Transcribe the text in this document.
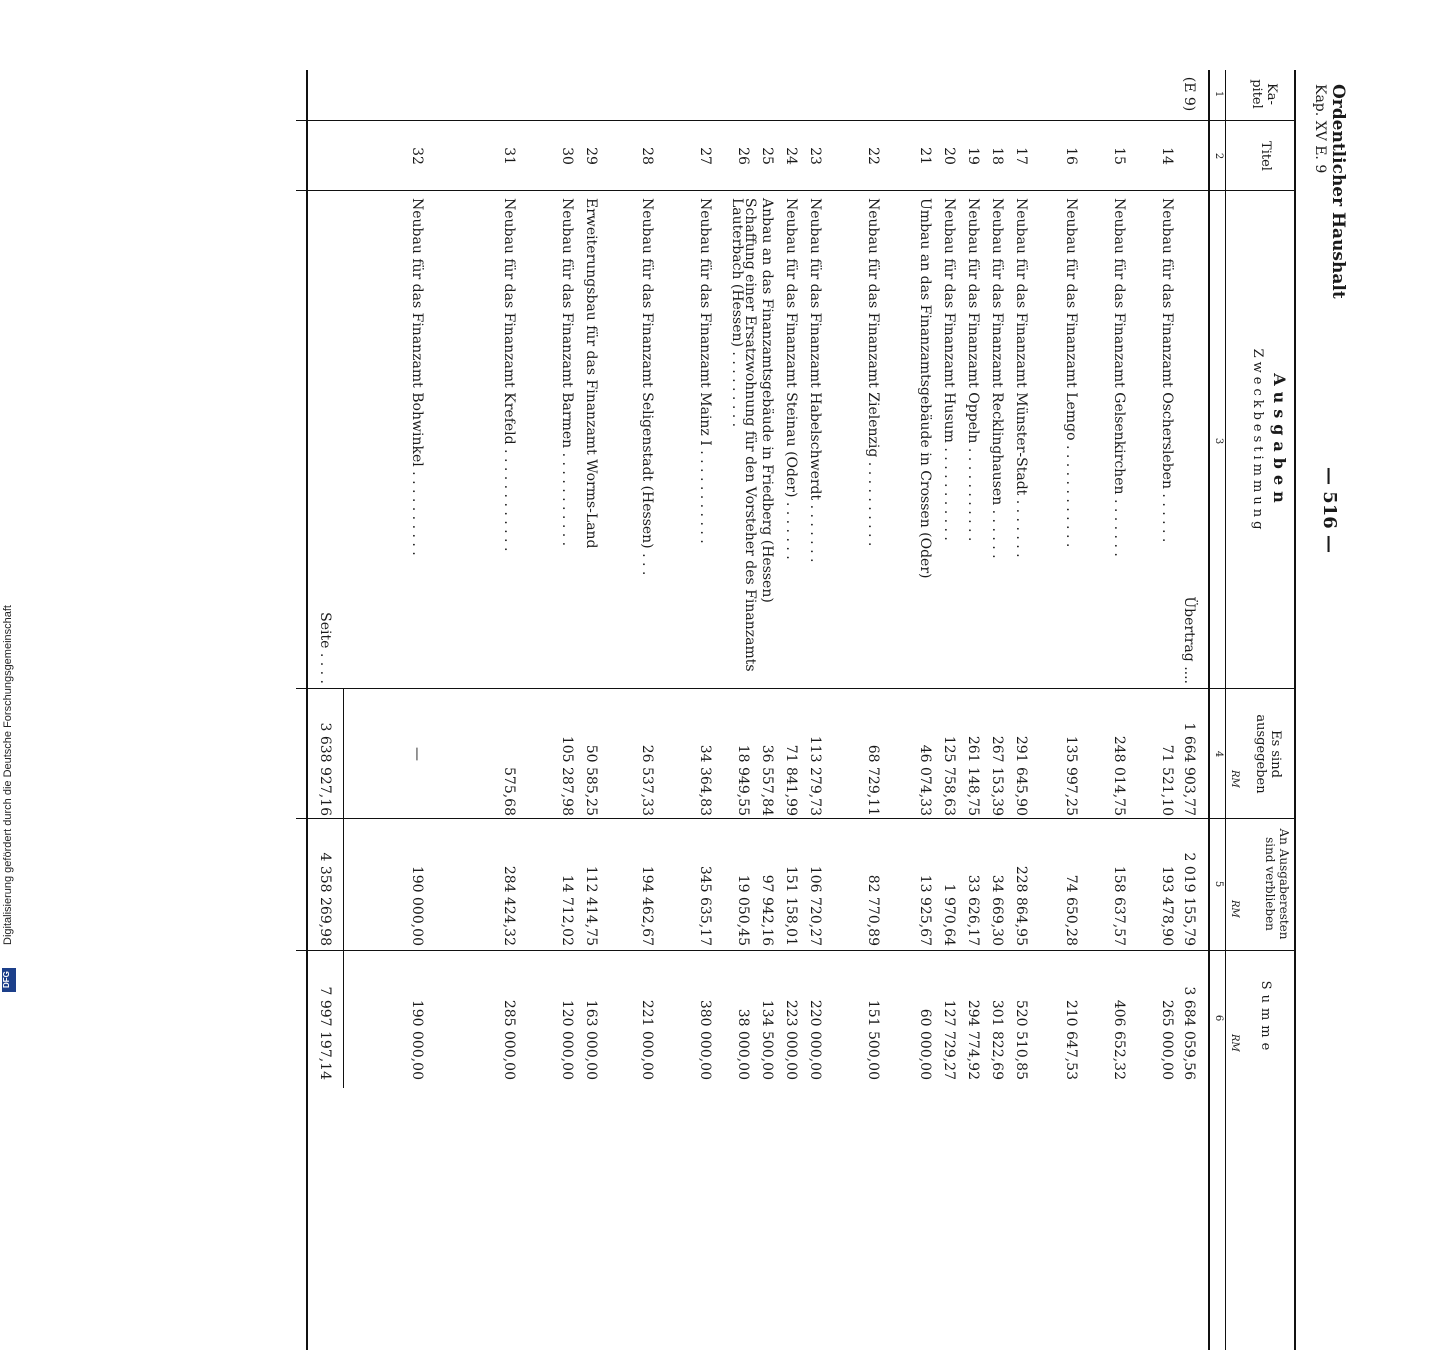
Ordentlicher Haushalt
Kap. XV E. 9
— 516 —
Ka-pitel
Titel
Ausgaben
Zweckbestimmung
Es sind ausgegeben
An Ausgaberesten sind verblieben
Summe
RM
RM
RM
1
2
3
4
5
6
(E 9)
Übertrag ....
1 664 903,77
2 019 155,79
3 684 059,56
14
Neubau für das Finanzamt Oschersleben . . . . . .
71 521,10
193 478,90
265 000,00
15
Neubau für das Finanzamt Gelsenkirchen . . . . . . .
248 014,75
158 637,57
406 652,32
16
Neubau für das Finanzamt Lemgo . . . . . . . . . . . .
135 997,25
74 650,28
210 647,53
17
Neubau für das Finanzamt Münster-Stadt . . . . . . .
291 645,90
228 864,95
520 510,85
18
Neubau für das Finanzamt Recklinghausen . . . . . .
267 153,39
34 669,30
301 822,69
19
Neubau für das Finanzamt Oppeln . . . . . . . . . . .
261 148,75
33 626,17
294 774,92
20
Neubau für das Finanzamt Husum . . . . . . . . . . .
125 758,63
1 970,64
127 729,27
21
Umbau an das Finanzamtsgebäude in Crossen (Oder)
46 074,33
13 925,67
60 000,00
22
Neubau für das Finanzamt Zielenzig . . . . . . . . . .
68 729,11
82 770,89
151 500,00
23
Neubau für das Finanzamt Habelschwerdt . . . . . . .
113 279,73
106 720,27
220 000,00
24
Neubau für das Finanzamt Steinau (Oder) . . . . . . .
71 841,99
151 158,01
223 000,00
25
Anbau an das Finanzamtsgebäude in Friedberg (Hessen)
36 557,84
97 942,16
134 500,00
26
Schaffung einer Ersatzwohnung für den Vorsteher des Finanzamts Lauterbach (Hessen) . . . . . . . . .
18 949,55
19 050,45
38 000,00
27
Neubau für das Finanzamt Mainz I . . . . . . . . . . .
34 364,83
345 635,17
380 000,00
28
Neubau für das Finanzamt Seligenstadt (Hessen) . . .
26 537,33
194 462,67
221 000,00
29
Erweiterungsbau für das Finanzamt Worms-Land
50 585,25
112 414,75
163 000,00
30
Neubau für das Finanzamt Barmen . . . . . . . . . . .
105 287,98
14 712,02
120 000,00
31
Neubau für das Finanzamt Krefeld . . . . . . . . . . . .
575,68
284 424,32
285 000,00
32
Neubau für das Finanzamt Bohwinkel . . . . . . . . . .
—
190 000,00
190 000,00
Seite . . . .
3 638 927,16
4 358 269,98
7 997 197,14
Digitalisierung gefördert durch die Deutsche Forschungsgemeinschaft
DFG
